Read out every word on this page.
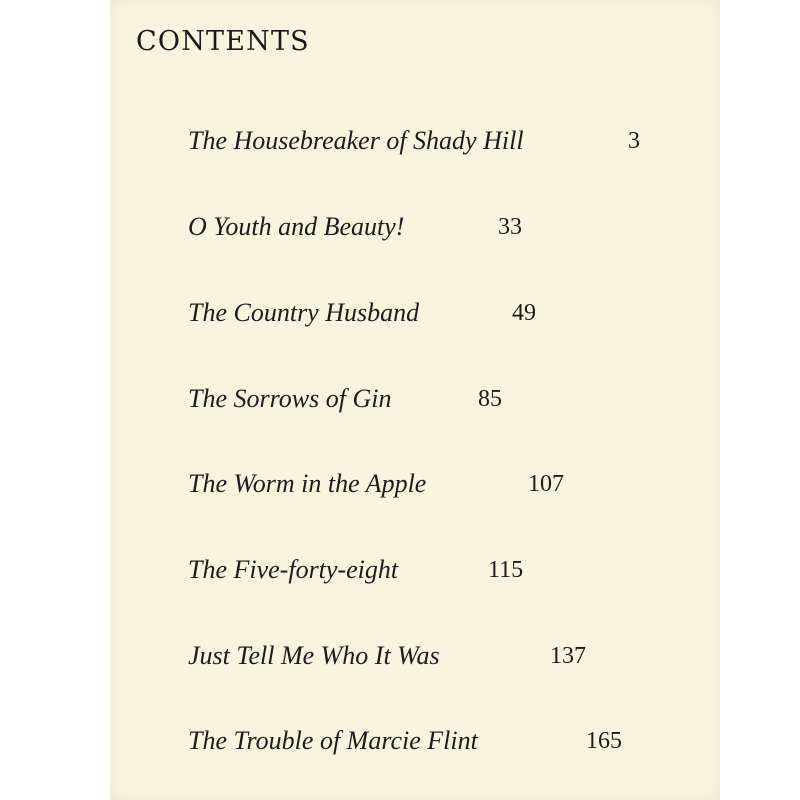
CONTENTS
The Housebreaker of Shady Hill	3
O Youth and Beauty!	33
The Country Husband	49
The Sorrows of Gin	85
The Worm in the Apple	107
The Five-forty-eight	115
Just Tell Me Who It Was	137
The Trouble of Marcie Flint	165
